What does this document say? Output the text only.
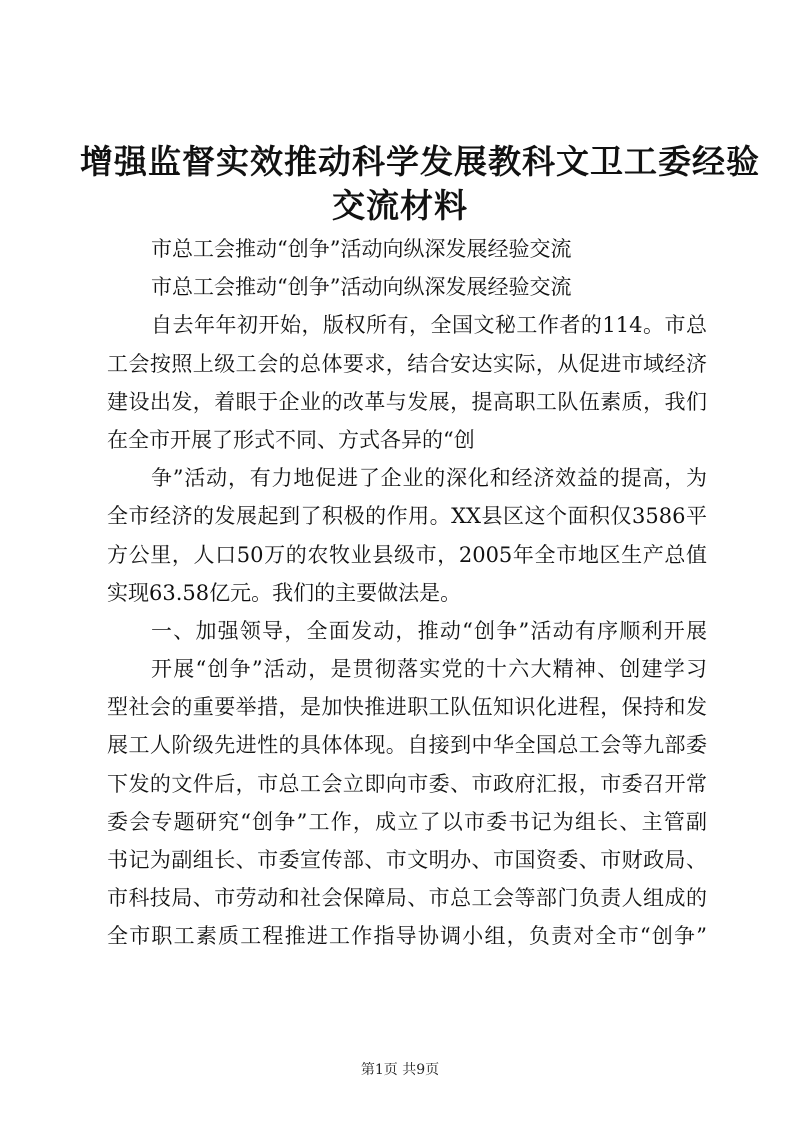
增强监督实效推动科学发展教科文卫工委经验
交流材料
市总工会推动“创争”活动向纵深发展经验交流
市总工会推动“创争”活动向纵深发展经验交流
自去年年初开始，版权所有，全国文秘工作者的114。市总
工会按照上级工会的总体要求，结合安达实际，从促进市域经济
建设出发，着眼于企业的改革与发展，提高职工队伍素质，我们
在全市开展了形式不同、方式各异的“创
争”活动，有力地促进了企业的深化和经济效益的提高，为
全市经济的发展起到了积极的作用。XX县区这个面积仅3586平
方公里，人口50万的农牧业县级市，2005年全市地区生产总值
实现63.58亿元。我们的主要做法是。
一、加强领导，全面发动，推动“创争”活动有序顺利开展
开展“创争”活动，是贯彻落实党的十六大精神、创建学习
型社会的重要举措，是加快推进职工队伍知识化进程，保持和发
展工人阶级先进性的具体体现。自接到中华全国总工会等九部委
下发的文件后，市总工会立即向市委、市政府汇报，市委召开常
委会专题研究“创争”工作，成立了以市委书记为组长、主管副
书记为副组长、市委宣传部、市文明办、市国资委、市财政局、
市科技局、市劳动和社会保障局、市总工会等部门负责人组成的
全市职工素质工程推进工作指导协调小组，负责对全市“创争”
第1页 共9页
